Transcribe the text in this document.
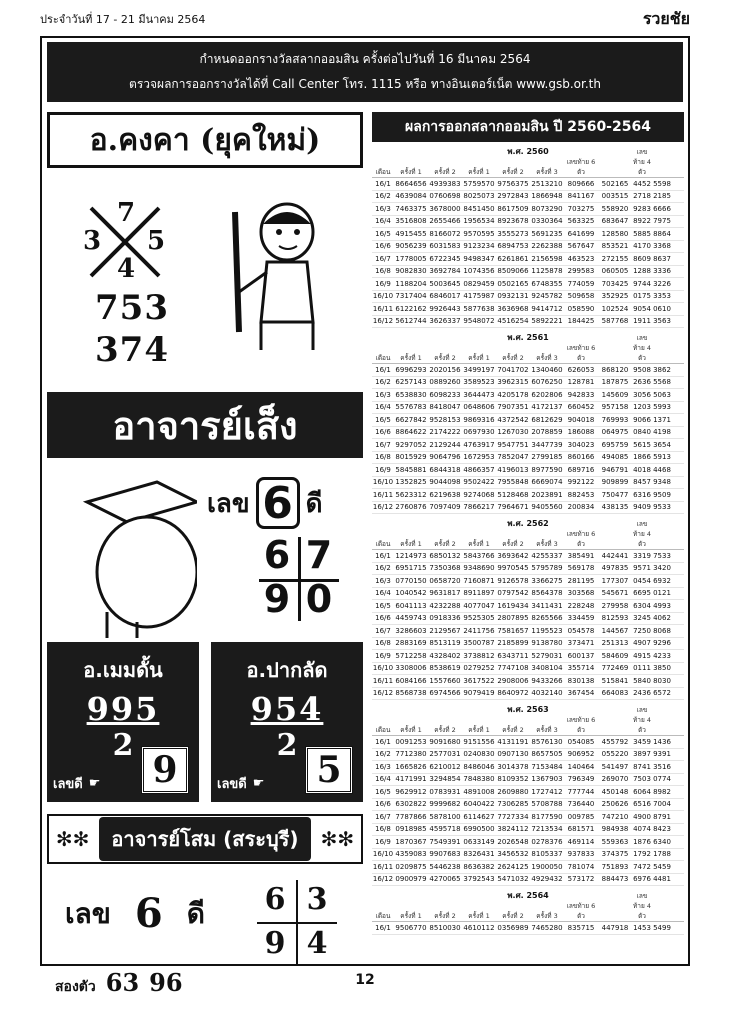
ประจำวันที่ 17 - 21 มีนาคม 2564	รวยชัย
กำหนดออกรางวัลสลากออมสิน ครั้งต่อไปวันที่ 16 มีนาคม 2564
ตรวจผลการออกรางวัลได้ที่ Call Center โทร. 1115 หรือ ทางอินเตอร์เน็ต www.gsb.or.th
อ.คงคา (ยุคใหม่)
7
3 5
4
753
374
อาจารย์เส็ง
เลข 6 ดี
6 7
9 0
อ.เมมดั้น
995
2
เลขดี ☛	9
อ.ปากลัด
954
2
เลขดี ☛	5
✻✻	อาจารย์โสม (สระบุรี)	✻✻
เลข 6 ดี 6 3
9 4
สองตัว 63 96
ผลการออกสลากออมสิน ปี 2560-2564
พ.ศ. 2560
เดือน	ครั้งที่ 1	ครั้งที่ 2	ครั้งที่ 1	ครั้งที่ 2	ครั้งที่ 3
เลขท้าย 6 ตัว
เลขท้าย 4 ตัว
16/1 8664656 4939383 5759570 9756375 2513210 809666	502165 4452 5598
16/2 4639084 0760698 8025073 2972843 1866948 841167	003515 2718 2185
16/3 7463375 3678000 8451450 8617509 8073290 703275	558920 9283 6666
16/4 3516808 2655466 1956534 8923678 0330364 563325	683647 8922 7975
16/5 4915455 8166072 9570595 3555273 5691235 641699	128580 5885 8864
16/6 9056239 6031583 9123234 6894753 2262388 567647	853521 4170 3368
16/7 1778005 6722345 9498347 6261861 2156598 463523	272155 8609 8637
16/8 9082830 3692784 1074356 8509066 1125878 299583	060505 1288 3336
16/9 1188204 5003645 0829459 0502165 6748355 774059	703425 9744 3226
16/10 7317404 6846017 4175987 0932131 9245782 509658	352925 0175 3353
16/11 6122162 9926443 5877638 3636968 9414712 058590	102524 9054 0610
16/12 5612744 3626337 9548072 4516254 5892221 184425	587768 1911 3563
พ.ศ. 2561
เดือน	ครั้งที่ 1	ครั้งที่ 2	ครั้งที่ 1	ครั้งที่ 2	ครั้งที่ 3
เลขท้าย 6 ตัว
เลขท้าย 4 ตัว
16/1 6996293 2020156 3499197 7041702 1340460 626053	868120 9508 3862
16/2 6257143 0889260 3589523 3962315 6076250 128781	187875 2636 5568
16/3 6538830 6098233 3644473 4205178 6202806 942833	145609 3056 5063
16/4 5576783 8418047 0648606 7907351 4172137 660452	957158 1203 5993
16/5 6627842 9528153 9869316 4372542 6812629 904018	769993 9066 1371
16/6 8864622 2174222 0697930 1267030 2078859 186088	064975 0840 4198
16/7 9297052 2129244 4763917 9547751 3447739 304023	695759 5615 3654
16/8 8015929 9064796 1672953 7852047 2799185 860166	494085 1866 5913
16/9 5845881 6844318 4866357 4196013 8977590 689716	946791 4018 4468
16/10 1352825 9044098 9502422 7955848 6669074 992122	909899 8457 9348
16/11 5623312 6219638 9274068 5128468 2023891 882453	750477 6316 9509
16/12 2760876 7097409 7866217 7964671 9405560 200834	438135 9409 9533
พ.ศ. 2562
เดือน	ครั้งที่ 1	ครั้งที่ 2	ครั้งที่ 1	ครั้งที่ 2	ครั้งที่ 3
เลขท้าย 6 ตัว
เลขท้าย 4 ตัว
16/1 1214973 6850132 5843766 3693642 4255337 385491	442441 3319 7533
16/2 6951715 7350368 9348690 9970545 5795789 569178	497835 9571 3420
16/3 0770150 0658720 7160871 9126578 3366275 281195	177307 0454 6932
16/4 1040542 9631817 8911897 0797542 8564378 303568	545671 6695 0121
16/5 6041113 4232288 4077047 1619434 3411431 228248	279958 6304 4993
16/6 4459743 0918336 9525305 2807895 8265566 334459	812593 3245 4062
16/7 3286603 2129567 2411756 7581657 1195523 054578	144567 7250 8068
16/8 2883169 8513119 3500787 2185899 9138780 373471	251313 4907 9296
16/9 5712258 4328402 3738812 6343711 5279031 600137	584609 4915 4233
16/10 3308006 8538619 0279252 7747108 3408104 355714	772469 0111 3850
16/11 6084166 1557660 3617522 2908006 9433266 830138	515841 5840 8030
16/12 8568738 6974566 9079419 8640972 4032140 367454	664083 2436 6572
พ.ศ. 2563
เดือน	ครั้งที่ 1	ครั้งที่ 2	ครั้งที่ 1	ครั้งที่ 2	ครั้งที่ 3
เลขท้าย 6 ตัว
เลขท้าย 4 ตัว
16/1 0091253 9091680 9151556 4131191 8576130 054085	455792 3459 1436
16/2 7712380 2577031 0240830 0907130 8657505 906952	055220 3897 9391
16/3 1665826 6210012 8486046 3014378 7153484 140464	541497 8741 3516
16/4 4171991 3294854 7848380 8109352 1367903 796349	269070 7503 0774
16/5 9629912 0783931 4891008 2609880 1727412 777744	450148 6064 8982
16/6 6302822 9999682 6040422 7306285 5708788 736440	250626 6516 7004
16/7 7787866 5878100 6114627 7727334 8177590 009785	747210 4900 8791
16/8 0918985 4595718 6990500 3824112 7213534 681571	984938 4074 8423
16/9 1870367 7549391 0633149 2026548 0278376 469114	559363 1876 6340
16/10 4359083 9907683 8326431 3456532 8105337 937833	374375 1792 1788
16/11 0209875 5446238 8636382 2624125 1900050 781074	751893 7472 5459
16/12 0900979 4270065 3792543 5471032 4929432 573172	884473 6976 4481
พ.ศ. 2564
เดือน	ครั้งที่ 1	ครั้งที่ 2	ครั้งที่ 1	ครั้งที่ 2	ครั้งที่ 3
เลขท้าย 6 ตัว
เลขท้าย 4 ตัว
16/1 9506770 8510030 4610112 0356989 7465280 835715	447918 1453 5499
12
